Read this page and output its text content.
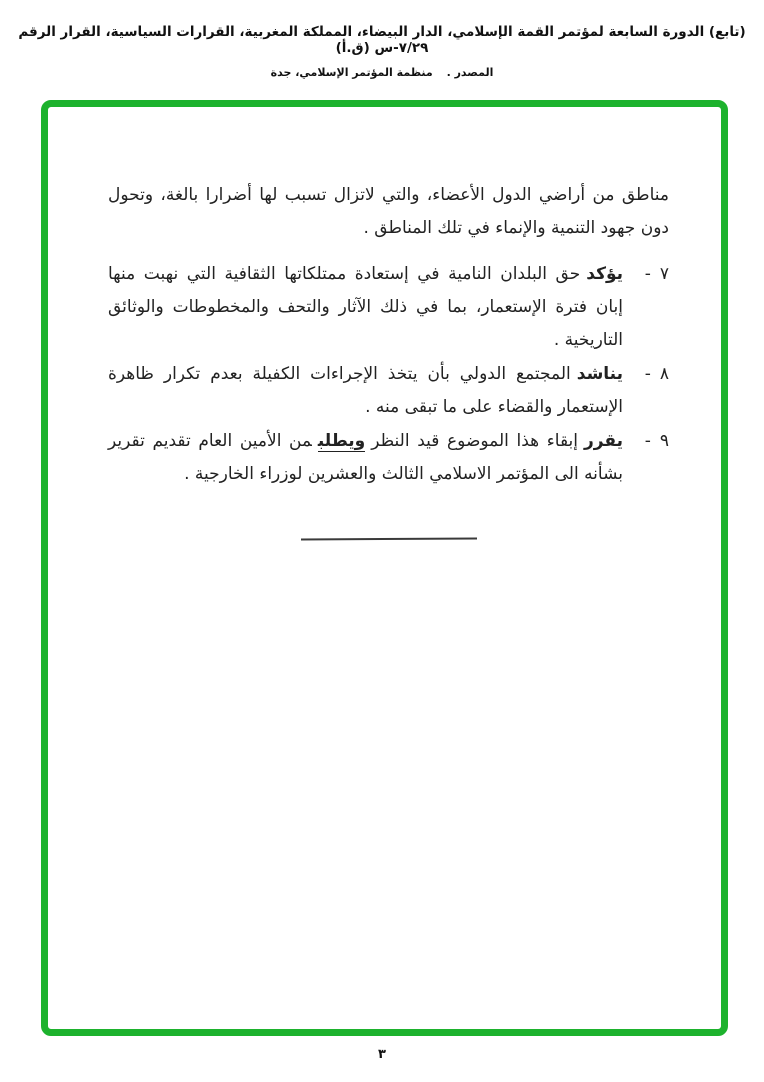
(تابع) الدورة السابعة لمؤتمر القمة الإسلامي، الدار البيضاء، المملكة المغربية، القرارات السياسية، القرار الرقم ٧/٢٩-س (ق.أ)
المصدر . منظمة المؤتمر الإسلامي، جدة

مناطق من أراضي الدول الأعضاء، والتي لاتزال تسبب لها أضرارا بالغة، وتحول دون جهود التنمية والإنماء في تلك المناطق .

٧-

يؤكدحق البلدان النامية في إستعادة ممتلكاتها الثقافية التي نهبت منها إبان فترة الإستعمار، بما في ذلك الآثار والتحف والمخطوطات والوثائق التاريخية .

٨-

يناشدالمجتمع الدولي بأن يتخذ الإجراءات الكفيلة بعدم تكرار ظاهرة الإستعمار والقضاء على ما تبقى منه .

٩-

يقررإبقاء هذا الموضوع قيد النظرويطلبمن الأمين العام تقديم تقرير بشأنه الى المؤتمر الاسلامي الثالث والعشرين لوزراء الخارجية .

٣
